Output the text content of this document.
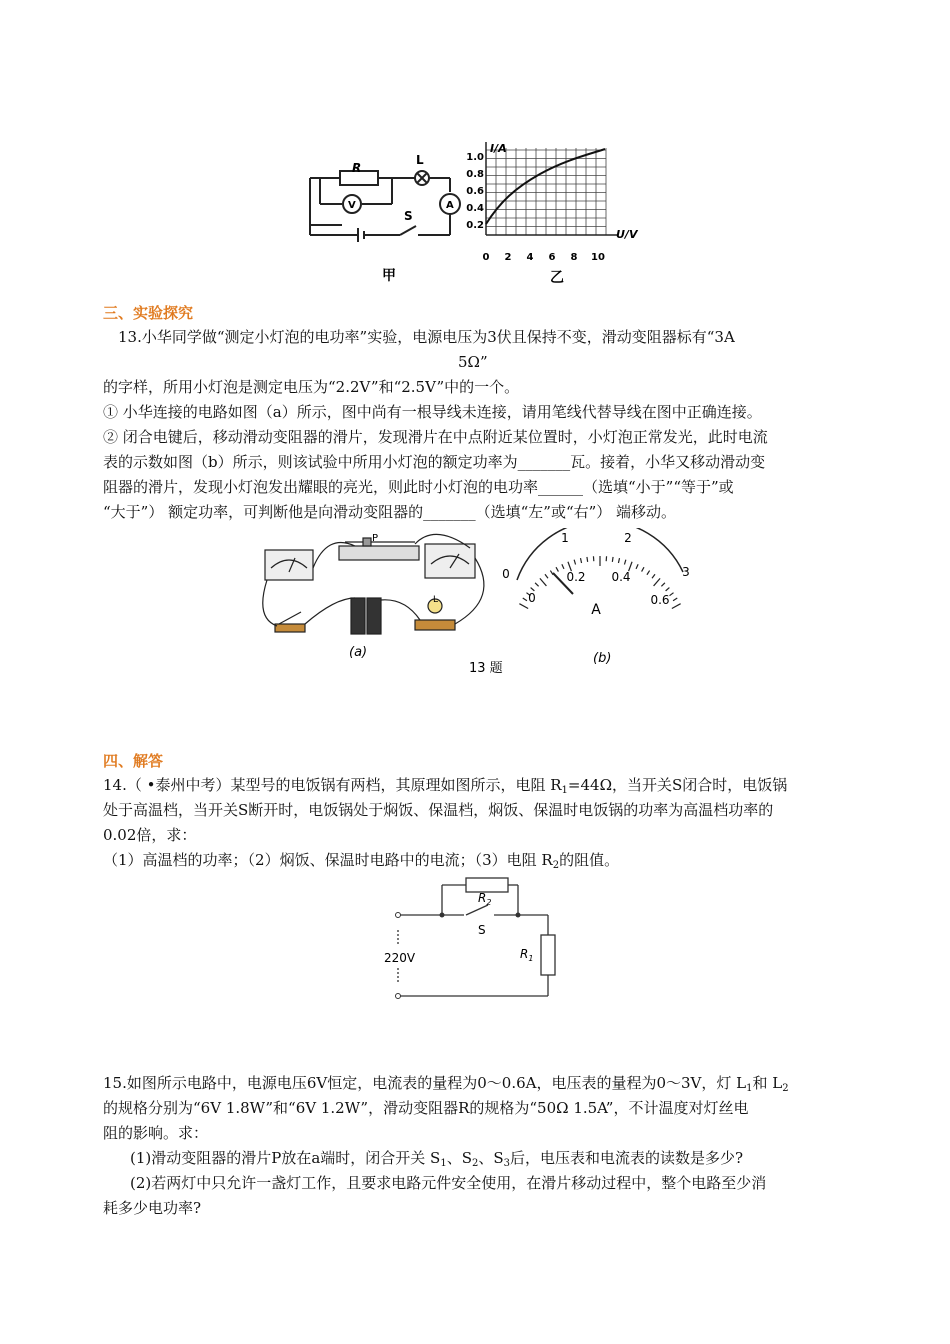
R
L
S
V	A
甲
I/A
U/V
1.0
0.8
0.6
0.4
0.2
0 2 4 6 8 10
乙
三、实验探究
13.小华同学做“测定小灯泡的电功率”实验，电源电压为3伏且保持不变，滑动变阻器标有“3A
5Ω”
的字样，所用小灯泡是测定电压为“2.2V”和“2.5V”中的一个。
① 小华连接的电路如图（a）所示，图中尚有一根导线未连接，请用笔线代替导线在图中正确连接。
② 闭合电键后，移动滑动变阻器的滑片，发现滑片在中点附近某位置时，小灯泡正常发光，此时电流
表的示数如图（b）所示，则该试验中所用小灯泡的额定功率为_______瓦。接着，小华又移动滑动变
阻器的滑片，发现小灯泡发出耀眼的亮光，则此时小灯泡的电功率______（选填“小于”“等于”或
“大于”） 额定功率，可判断他是向滑动变阻器的_______（选填“左”或“右”） 端移动。
P
L
(a)
0
1	2
3
0
0.2 0.4
0.6
A
(b)
13 题
四、解答
14.（ •泰州中考）某型号的电饭锅有两档，其原理如图所示，电阻 $R_1=44\Omega$，当开关S闭合时，电饭锅
处于高温档，当开关S断开时，电饭锅处于焖饭、保温档，焖饭、保温时电饭锅的功率为高温档功率的
0.02倍，求：
（1）高温档的功率；（2）焖饭、保温时电路中的电流；（3）电阻 $R_2$的阻值。
$R_2$
S
$R_1$
220V
15.如图所示电路中，电源电压6V恒定，电流表的量程为0～0.6A，电压表的量程为0～3V，灯 $L_1$和 $L_2$
的规格分别为“6V 1.8W”和“6V 1.2W”，滑动变阻器R的规格为“50Ω 1.5A”，不计温度对灯丝电
阻的影响。求：
(1)滑动变阻器的滑片P放在a端时，闭合开关 $S_1$、$S_2$、$S_3$后，电压表和电流表的读数是多少?
(2)若两灯中只允许一盏灯工作，且要求电路元件安全使用，在滑片移动过程中，整个电路至少消
耗多少电功率?
